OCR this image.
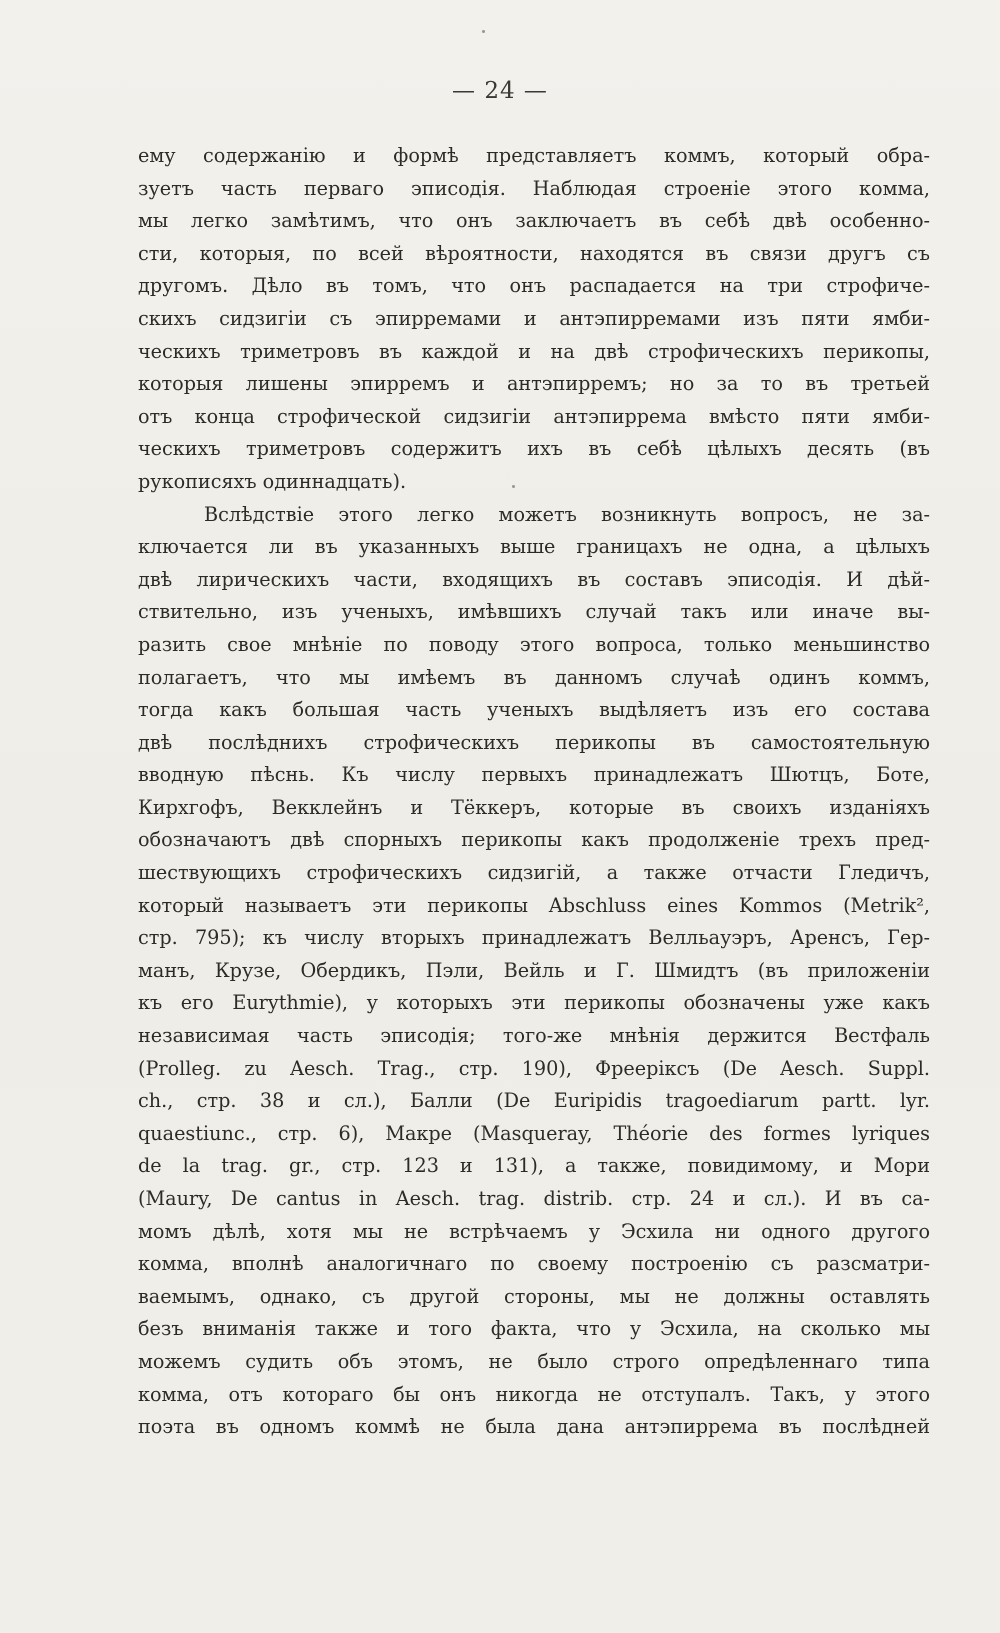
— 24 —
ему содержанію и формѣ представляетъ коммъ, который обра-
зуетъ часть перваго эписодія. Наблюдая строеніе этого комма,
мы легко замѣтимъ, что онъ заключаетъ въ себѣ двѣ особенно-
сти, которыя, по всей вѣроятности, находятся въ связи другъ съ
другомъ. Дѣло въ томъ, что онъ распадается на три строфиче-
скихъ сидзигіи съ эпирремами и антэпирремами изъ пяти ямби-
ческихъ триметровъ въ каждой и на двѣ строфическихъ перикопы,
которыя лишены эпирремъ и антэпирремъ; но за то въ третьей
отъ конца строфической сидзигіи антэпиррема вмѣсто пяти ямби-
ческихъ триметровъ содержитъ ихъ въ себѣ цѣлыхъ десять (въ
рукописяхъ одиннадцать).
Вслѣдствіе этого легко можетъ возникнуть вопросъ, не за-
ключается ли въ указанныхъ выше границахъ не одна, а цѣлыхъ
двѣ лирическихъ части, входящихъ въ составъ эписодія. И дѣй-
ствительно, изъ ученыхъ, имѣвшихъ случай такъ или иначе вы-
разить свое мнѣніе по поводу этого вопроса, только меньшинство
полагаетъ, что мы имѣемъ въ данномъ случаѣ одинъ коммъ,
тогда какъ большая часть ученыхъ выдѣляетъ изъ его состава
двѣ послѣднихъ строфическихъ перикопы въ самостоятельную
вводную пѣснь. Къ числу первыхъ принадлежатъ Шютцъ, Боте,
Кирхгофъ, Векклейнъ и Тёккеръ, которые въ своихъ изданіяхъ
обозначаютъ двѣ спорныхъ перикопы какъ продолженіе трехъ пред-
шествующихъ строфическихъ сидзигій, а также отчасти Гледичъ,
который называетъ эти перикопы Abschluss eines Kommos (Metrik²,
стр. 795); къ числу вторыхъ принадлежатъ Велльауэръ, Аренсъ, Гер-
манъ, Крузе, Обердикъ, Пэли, Вейль и Г. Шмидтъ (въ приложеніи
къ его Eurythmie), у которыхъ эти перикопы обозначены уже какъ
независимая часть эписодія; того-же мнѣнія держится Вестфаль
(Prolleg. zu Aesch. Trag., стр. 190), Фрееріксъ (De Aesch. Suppl.
ch., стр. 38 и сл.), Балли (De Euripidis tragoediarum partt. lyr.
quaestiunc., стр. 6), Макре (Masqueray, Théorie des formes lyriques
de la trag. gr., стр. 123 и 131), а также, повидимому, и Мори
(Maury, De cantus in Aesch. trag. distrib. стр. 24 и сл.). И въ са-
момъ дѣлѣ, хотя мы не встрѣчаемъ у Эсхила ни одного другого
комма, вполнѣ аналогичнаго по своему построенію съ разсматри-
ваемымъ, однако, съ другой стороны, мы не должны оставлять
безъ вниманія также и того факта, что у Эсхила, на сколько мы
можемъ судить объ этомъ, не было строго опредѣленнаго типа
комма, отъ котораго бы онъ никогда не отступалъ. Такъ, у этого
поэта въ одномъ коммѣ не была дана антэпиррема въ послѣдней
